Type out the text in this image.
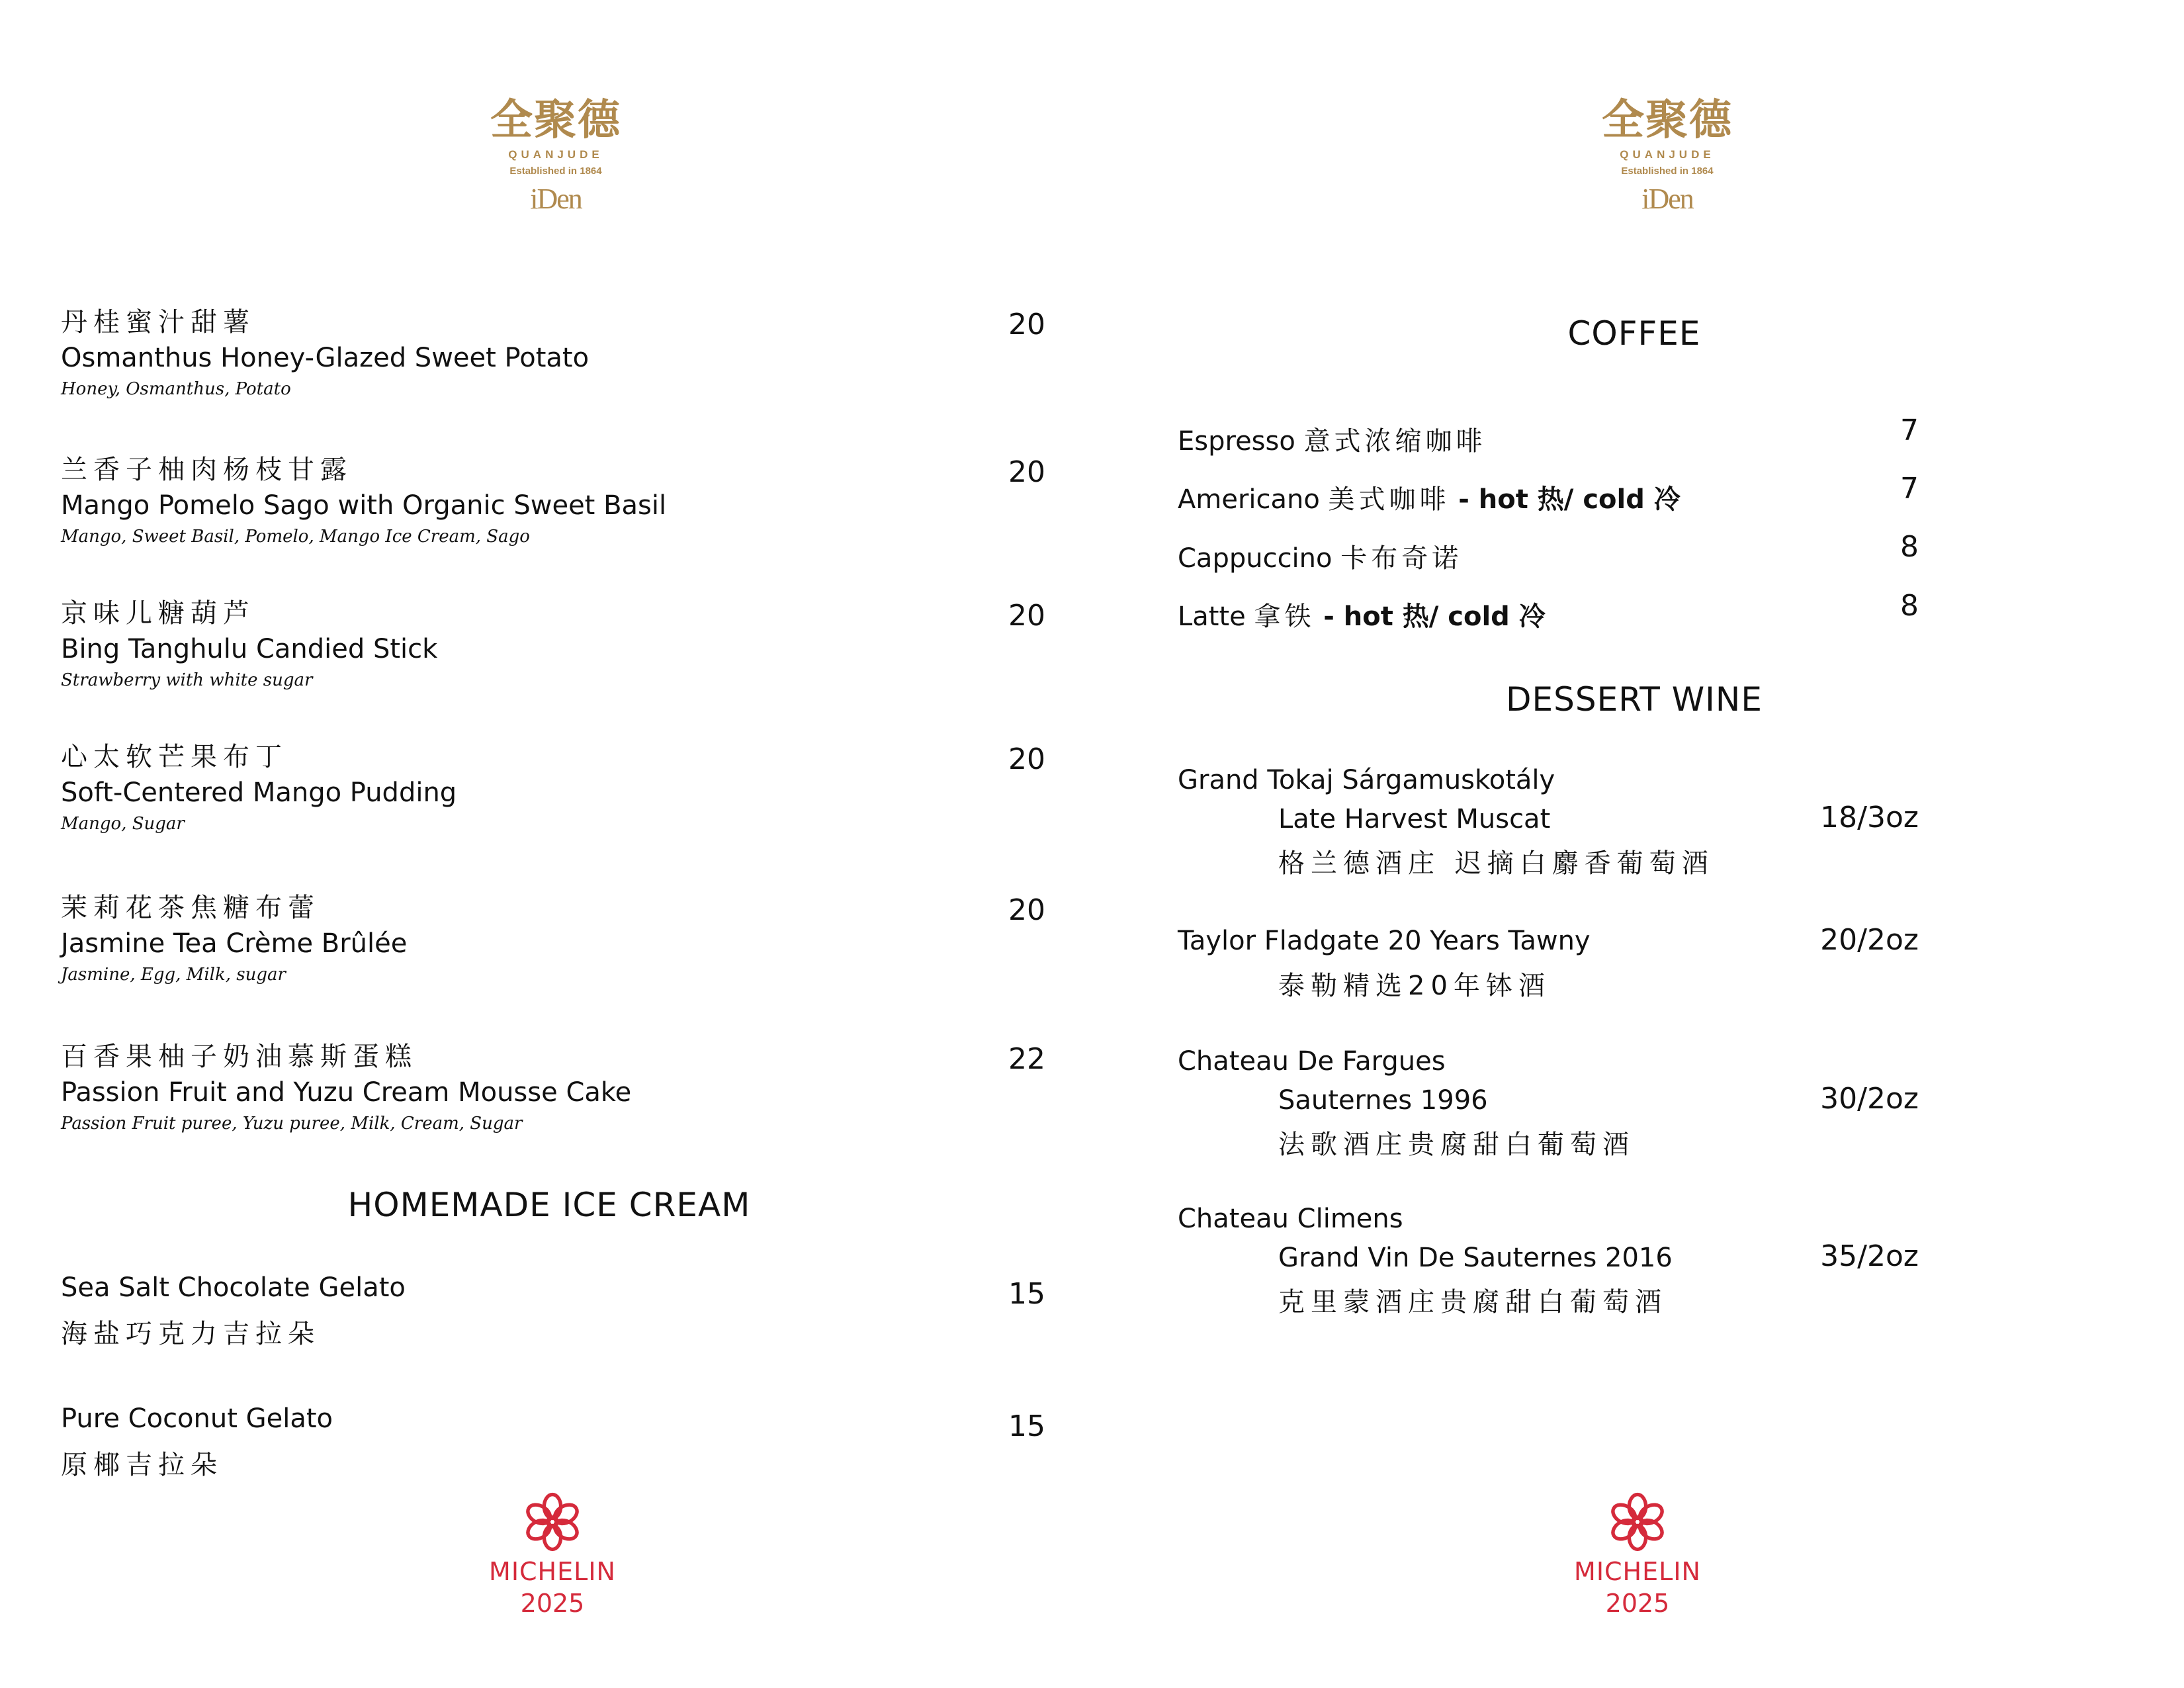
全聚德
QUANJUDE
Established in 1864
iDen
丹桂蜜汁甜薯
Osmanthus Honey-Glazed Sweet Potato
Honey, Osmanthus, Potato
20
兰香子柚肉杨枝甘露
Mango Pomelo Sago with Organic Sweet Basil
Mango, Sweet Basil, Pomelo, Mango Ice Cream, Sago
20
京味儿糖葫芦
Bing Tanghulu Candied Stick
Strawberry with white sugar
20
心太软芒果布丁
Soft-Centered Mango Pudding
Mango, Sugar
20
茉莉花茶焦糖布蕾
Jasmine Tea Crème Brûlée
Jasmine, Egg, Milk, sugar
20
百香果柚子奶油慕斯蛋糕
Passion Fruit and Yuzu Cream Mousse Cake
Passion Fruit puree, Yuzu puree, Milk, Cream, Sugar
22
HOMEMADE ICE CREAM
Sea Salt Chocolate Gelato
海盐巧克力吉拉朵
15
Pure Coconut Gelato
原椰吉拉朵
15
MICHELIN
2025
全聚德
QUANJUDE
Established in 1864
iDen
COFFEE
Espresso 意式浓缩咖啡	7
Americano 美式咖啡 - hot 热/ cold 冷	7
Cappuccino 卡布奇诺	8
Latte 拿铁 - hot 热/ cold 冷	8
DESSERT WINE
Grand Tokaj Sárgamuskotály
Late Harvest Muscat
格兰德酒庄 迟摘白麝香葡萄酒
18/3oz
Taylor Fladgate 20 Years Tawny
泰勒精选20年钵酒
20/2oz
Chateau De Fargues
Sauternes 1996
法歌酒庄贵腐甜白葡萄酒
30/2oz
Chateau Climens
Grand Vin De Sauternes 2016
克里蒙酒庄贵腐甜白葡萄酒
35/2oz
MICHELIN
2025
